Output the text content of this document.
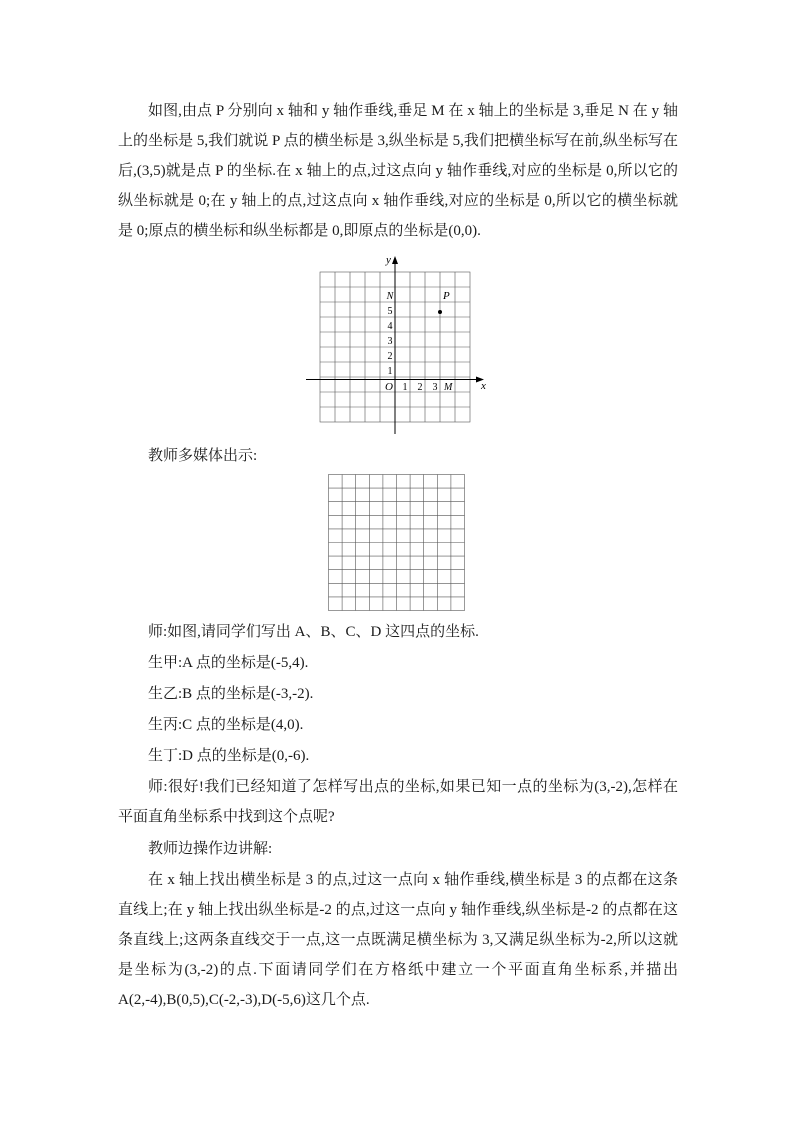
如图,由点 P 分别向 x 轴和 y 轴作垂线,垂足 M 在 x 轴上的坐标是 3,垂足 N 在 y 轴上的坐标是 5,我们就说 P 点的横坐标是 3,纵坐标是 5,我们把横坐标写在前,纵坐标写在后,(3,5)就是点 P 的坐标.在 x 轴上的点,过这点向 y 轴作垂线,对应的坐标是 0,所以它的纵坐标就是 0;在 y 轴上的点,过这点向 x 轴作垂线,对应的坐标是 0,所以它的横坐标就是 0;原点的横坐标和纵坐标都是 0,即原点的坐标是(0,0).

x
y
O 1 2 3 M
1
2
3
4
5
N	P

教师多媒体出示:

师:如图,请同学们写出 A、B、C、D 这四点的坐标.

生甲:A 点的坐标是(-5,4).

生乙:B 点的坐标是(-3,-2).

生丙:C 点的坐标是(4,0).

生丁:D 点的坐标是(0,-6).

师:很好!我们已经知道了怎样写出点的坐标,如果已知一点的坐标为(3,-2),怎样在平面直角坐标系中找到这个点呢?

教师边操作边讲解:

在 x 轴上找出横坐标是 3 的点,过这一点向 x 轴作垂线,横坐标是 3 的点都在这条直线上;在 y 轴上找出纵坐标是-2 的点,过这一点向 y 轴作垂线,纵坐标是-2 的点都在这条直线上;这两条直线交于一点,这一点既满足横坐标为 3,又满足纵坐标为-2,所以这就是坐标为(3,-2)的点.下面请同学们在方格纸中建立一个平面直角坐标系,并描出 A(2,-4),B(0,5),C(-2,-3),D(-5,6)这几个点.
